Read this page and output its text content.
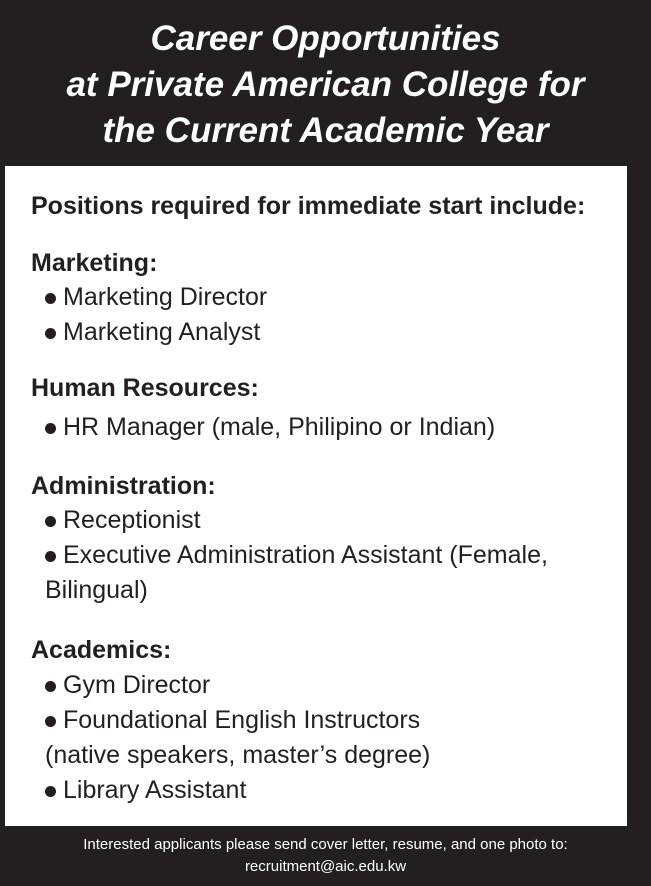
Career Opportunities
at Private American College for
the Current Academic Year

Positions required for immediate start include:

Marketing:

Marketing Director
Marketing Analyst

Human Resources:

HR Manager (male, Philipino or Indian)

Administration:

Receptionist
Executive Administration Assistant (Female,
Bilingual)

Academics:

Gym Director
Foundational English Instructors
(native speakers, master’s degree)
Library Assistant
Interested applicants please send cover letter, resume, and one photo to:
recruitment@aic.edu.kw
